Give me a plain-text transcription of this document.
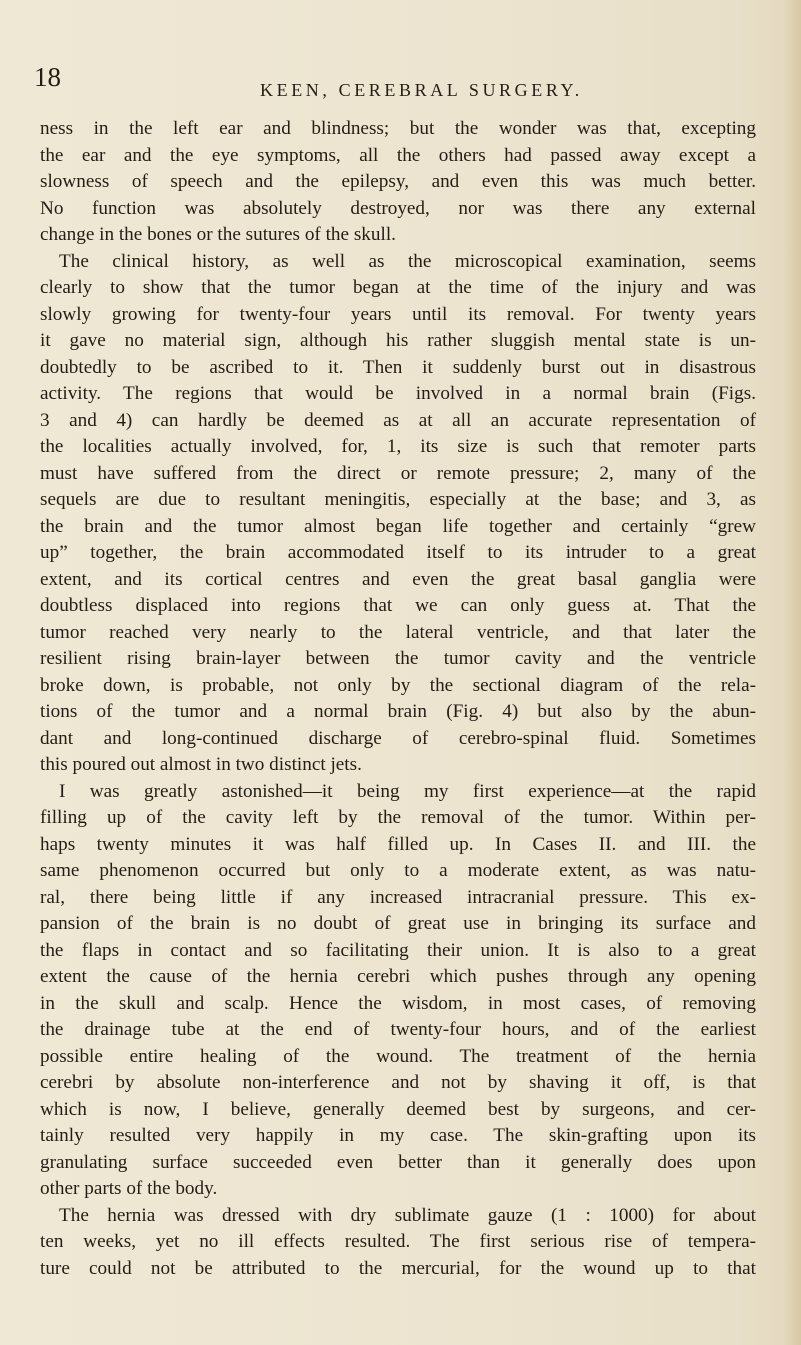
18	KEEN, CEREBRAL SURGERY.
ness in the left ear and blindness; but the wonder was that, excepting
the ear and the eye symptoms, all the others had passed away except a
slowness of speech and the epilepsy, and even this was much better.
No function was absolutely destroyed, nor was there any external
change in the bones or the sutures of the skull.
The clinical history, as well as the microscopical examination, seems
clearly to show that the tumor began at the time of the injury and was
slowly growing for twenty-four years until its removal. For twenty years
it gave no material sign, although his rather sluggish mental state is un-
doubtedly to be ascribed to it. Then it suddenly burst out in disastrous
activity. The regions that would be involved in a normal brain (Figs.
3 and 4) can hardly be deemed as at all an accurate representation of
the localities actually involved, for, 1, its size is such that remoter parts
must have suffered from the direct or remote pressure; 2, many of the
sequels are due to resultant meningitis, especially at the base; and 3, as
the brain and the tumor almost began life together and certainly “grew
up” together, the brain accommodated itself to its intruder to a great
extent, and its cortical centres and even the great basal ganglia were
doubtless displaced into regions that we can only guess at. That the
tumor reached very nearly to the lateral ventricle, and that later the
resilient rising brain-layer between the tumor cavity and the ventricle
broke down, is probable, not only by the sectional diagram of the rela-
tions of the tumor and a normal brain (Fig. 4) but also by the abun-
dant and long-continued discharge of cerebro-spinal fluid. Sometimes
this poured out almost in two distinct jets.
I was greatly astonished—it being my first experience—at the rapid
filling up of the cavity left by the removal of the tumor. Within per-
haps twenty minutes it was half filled up. In Cases II. and III. the
same phenomenon occurred but only to a moderate extent, as was natu-
ral, there being little if any increased intracranial pressure. This ex-
pansion of the brain is no doubt of great use in bringing its surface and
the flaps in contact and so facilitating their union. It is also to a great
extent the cause of the hernia cerebri which pushes through any opening
in the skull and scalp. Hence the wisdom, in most cases, of removing
the drainage tube at the end of twenty-four hours, and of the earliest
possible entire healing of the wound. The treatment of the hernia
cerebri by absolute non-interference and not by shaving it off, is that
which is now, I believe, generally deemed best by surgeons, and cer-
tainly resulted very happily in my case. The skin-grafting upon its
granulating surface succeeded even better than it generally does upon
other parts of the body.
The hernia was dressed with dry sublimate gauze (1 : 1000) for about
ten weeks, yet no ill effects resulted. The first serious rise of tempera-
ture could not be attributed to the mercurial, for the wound up to that
